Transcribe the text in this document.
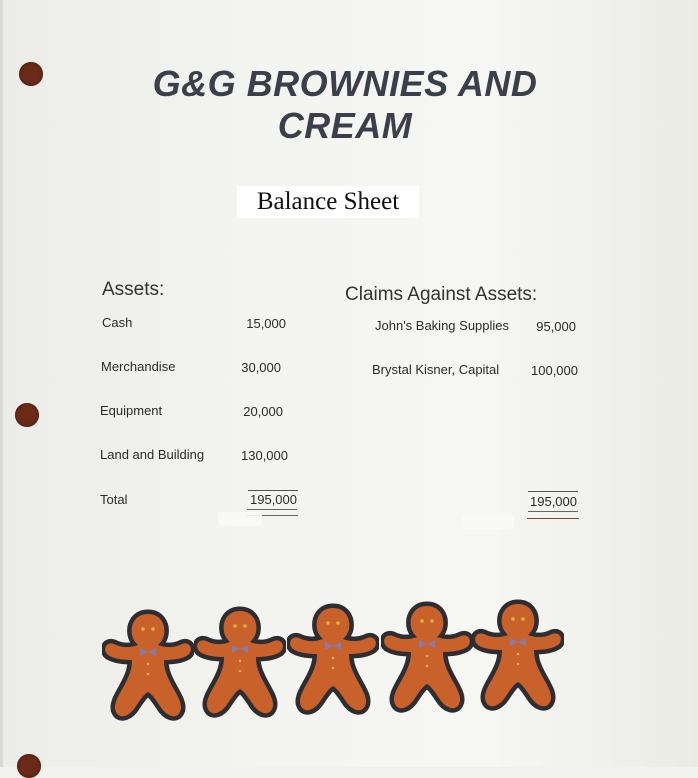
G&G BROWNIES AND
CREAM
Balance Sheet
Assets:
Cash	15,000
Merchandise	30,000
Equipment	20,000
Land and Building	130,000
Total	195,000
Claims Against Assets:
John's Baking Supplies	95,000
Brystal Kisner, Capital	100,000
195,000
